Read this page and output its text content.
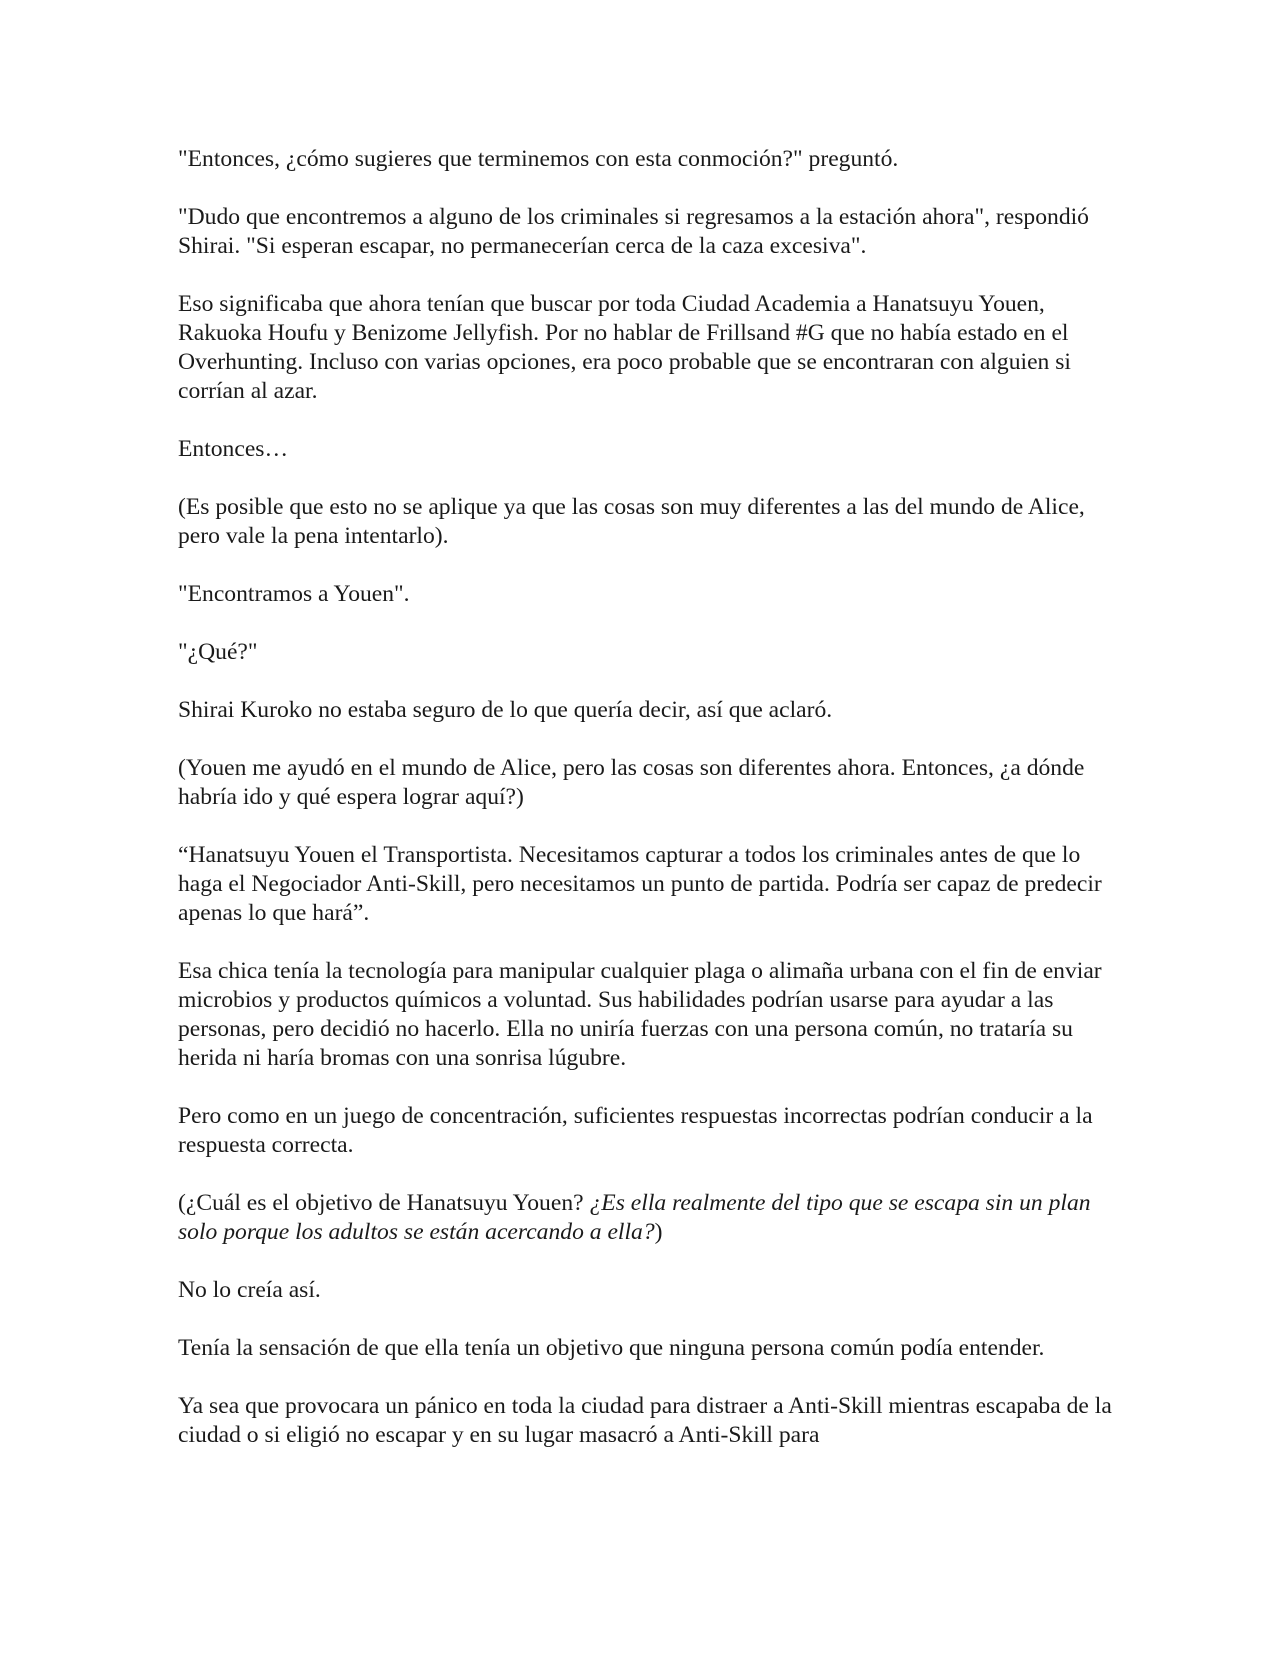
"Entonces, ¿cómo sugieres que terminemos con esta conmoción?" preguntó.

"Dudo que encontremos a alguno de los criminales si regresamos a la estación ahora", respondió Shirai. "Si esperan escapar, no permanecerían cerca de la caza excesiva".

Eso significaba que ahora tenían que buscar por toda Ciudad Academia a Hanatsuyu Youen, Rakuoka Houfu y Benizome Jellyfish. Por no hablar de Frillsand #G que no había estado en el Overhunting. Incluso con varias opciones, era poco probable que se encontraran con alguien si corrían al azar.

Entonces…

(Es posible que esto no se aplique ya que las cosas son muy diferentes a las del mundo de Alice, pero vale la pena intentarlo).

"Encontramos a Youen".

"¿Qué?"

Shirai Kuroko no estaba seguro de lo que quería decir, así que aclaró.

(Youen me ayudó en el mundo de Alice, pero las cosas son diferentes ahora. Entonces, ¿a dónde habría ido y qué espera lograr aquí?)

“Hanatsuyu Youen el Transportista. Necesitamos capturar a todos los criminales antes de que lo haga el Negociador Anti-Skill, pero necesitamos un punto de partida. Podría ser capaz de predecir apenas lo que hará”.

Esa chica tenía la tecnología para manipular cualquier plaga o alimaña urbana con el fin de enviar microbios y productos químicos a voluntad. Sus habilidades podrían usarse para ayudar a las personas, pero decidió no hacerlo. Ella no uniría fuerzas con una persona común, no trataría su herida ni haría bromas con una sonrisa lúgubre.

Pero como en un juego de concentración, suficientes respuestas incorrectas podrían conducir a la respuesta correcta.

(¿Cuál es el objetivo de Hanatsuyu Youen? ¿Es ella realmente del tipo que se escapa sin un plan solo porque los adultos se están acercando a ella?)

No lo creía así.

Tenía la sensación de que ella tenía un objetivo que ninguna persona común podía entender.

Ya sea que provocara un pánico en toda la ciudad para distraer a Anti-Skill mientras escapaba de la ciudad o si eligió no escapar y en su lugar masacró a Anti-Skill para
